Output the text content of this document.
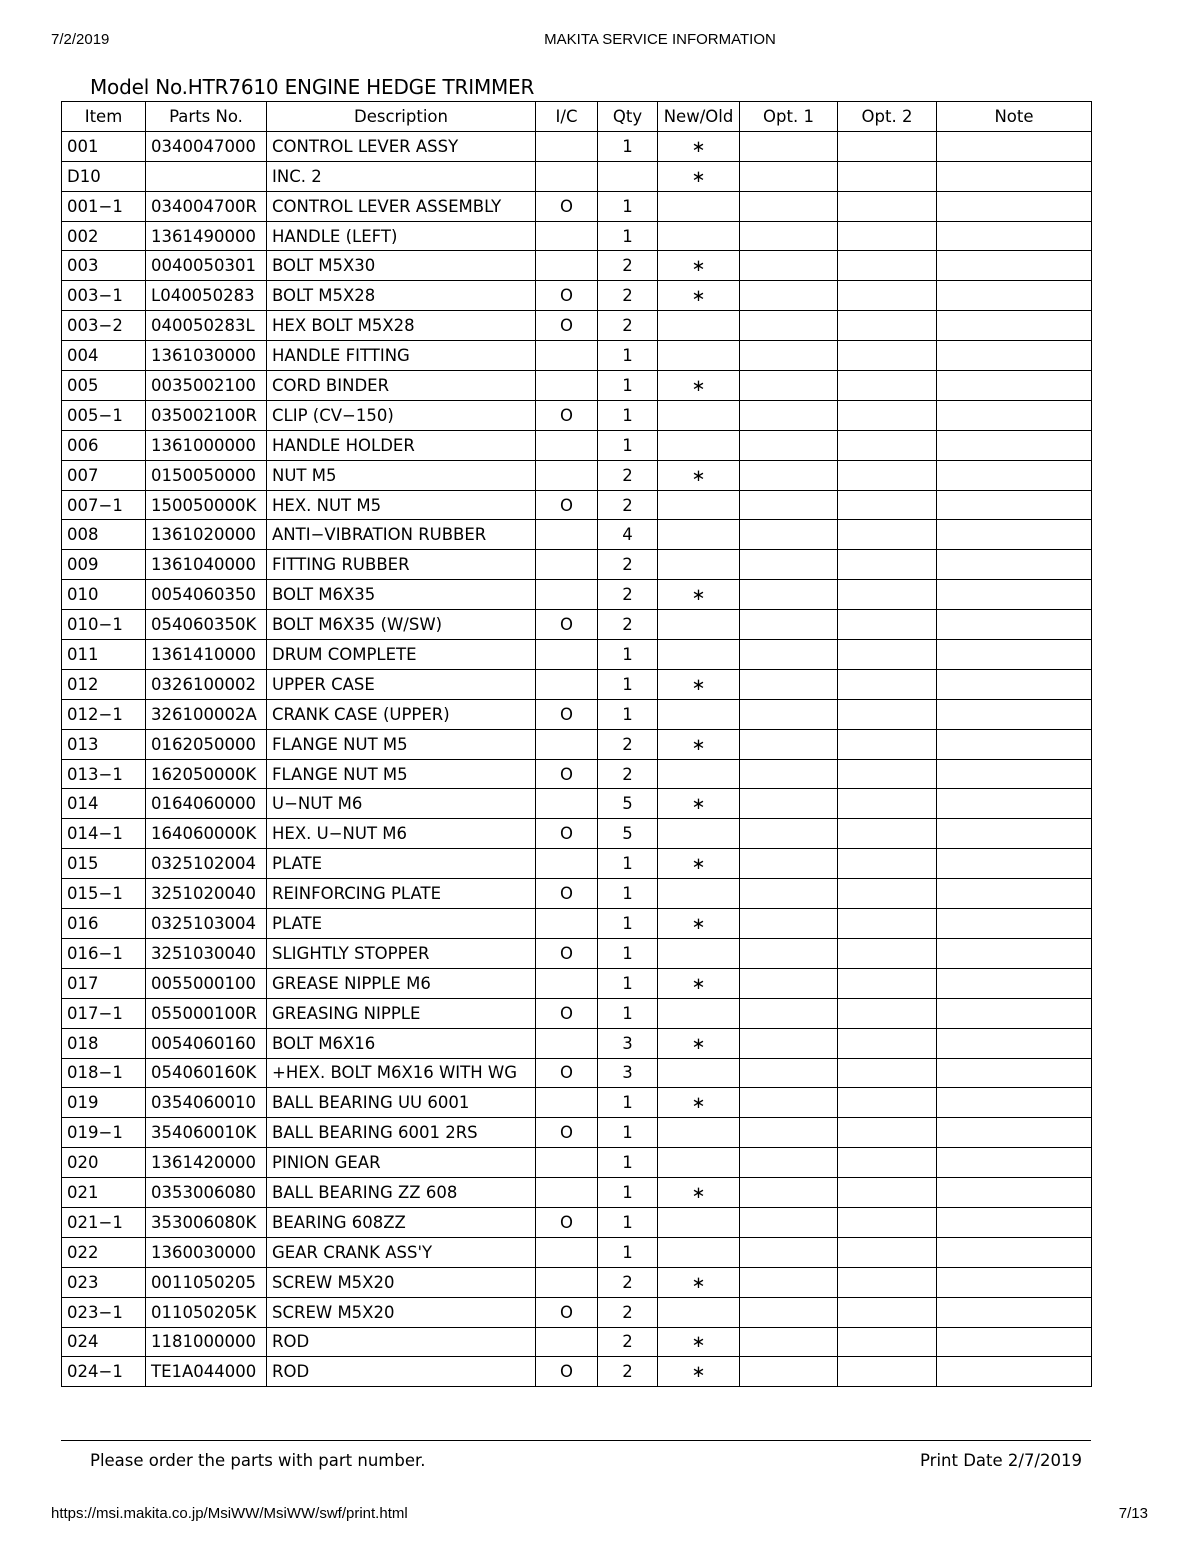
7/2/2019	MAKITA SERVICE INFORMATION
Model No.HTR7610 ENGINE HEDGE TRIMMER
Item	Parts No.	Description	I/C	Qty	New/Old	Opt. 1	Opt. 2	Note
001	0340047000	CONTROL LEVER ASSY		1	∗			
D10		INC. 2			∗			
001−1	034004700R	CONTROL LEVER ASSEMBLY	O	1				
002	1361490000	HANDLE (LEFT)		1				
003	0040050301	BOLT M5X30		2	∗			
003−1	L040050283	BOLT M5X28	O	2	∗			
003−2	040050283L	HEX BOLT M5X28	O	2				
004	1361030000	HANDLE FITTING		1				
005	0035002100	CORD BINDER		1	∗			
005−1	035002100R	CLIP (CV−150)	O	1				
006	1361000000	HANDLE HOLDER		1				
007	0150050000	NUT M5		2	∗			
007−1	150050000K	HEX. NUT M5	O	2				
008	1361020000	ANTI−VIBRATION RUBBER		4				
009	1361040000	FITTING RUBBER		2				
010	0054060350	BOLT M6X35		2	∗			
010−1	054060350K	BOLT M6X35 (W/SW)	O	2				
011	1361410000	DRUM COMPLETE		1				
012	0326100002	UPPER CASE		1	∗			
012−1	326100002A	CRANK CASE (UPPER)	O	1				
013	0162050000	FLANGE NUT M5		2	∗			
013−1	162050000K	FLANGE NUT M5	O	2				
014	0164060000	U−NUT M6		5	∗			
014−1	164060000K	HEX. U−NUT M6	O	5				
015	0325102004	PLATE		1	∗			
015−1	3251020040	REINFORCING PLATE	O	1				
016	0325103004	PLATE		1	∗			
016−1	3251030040	SLIGHTLY STOPPER	O	1				
017	0055000100	GREASE NIPPLE M6		1	∗			
017−1	055000100R	GREASING NIPPLE	O	1				
018	0054060160	BOLT M6X16		3	∗			
018−1	054060160K	+HEX. BOLT M6X16 WITH WG	O	3				
019	0354060010	BALL BEARING UU 6001		1	∗			
019−1	354060010K	BALL BEARING 6001 2RS	O	1				
020	1361420000	PINION GEAR		1				
021	0353006080	BALL BEARING ZZ 608		1	∗			
021−1	353006080K	BEARING 608ZZ	O	1				
022	1360030000	GEAR CRANK ASS'Y		1				
023	0011050205	SCREW M5X20		2	∗			
023−1	011050205K	SCREW M5X20	O	2				
024	1181000000	ROD		2	∗			
024−1	TE1A044000	ROD	O	2	∗			
Please order the parts with part number.	Print Date 2/7/2019
https://msi.makita.co.jp/MsiWW/MsiWW/swf/print.html	7/13
